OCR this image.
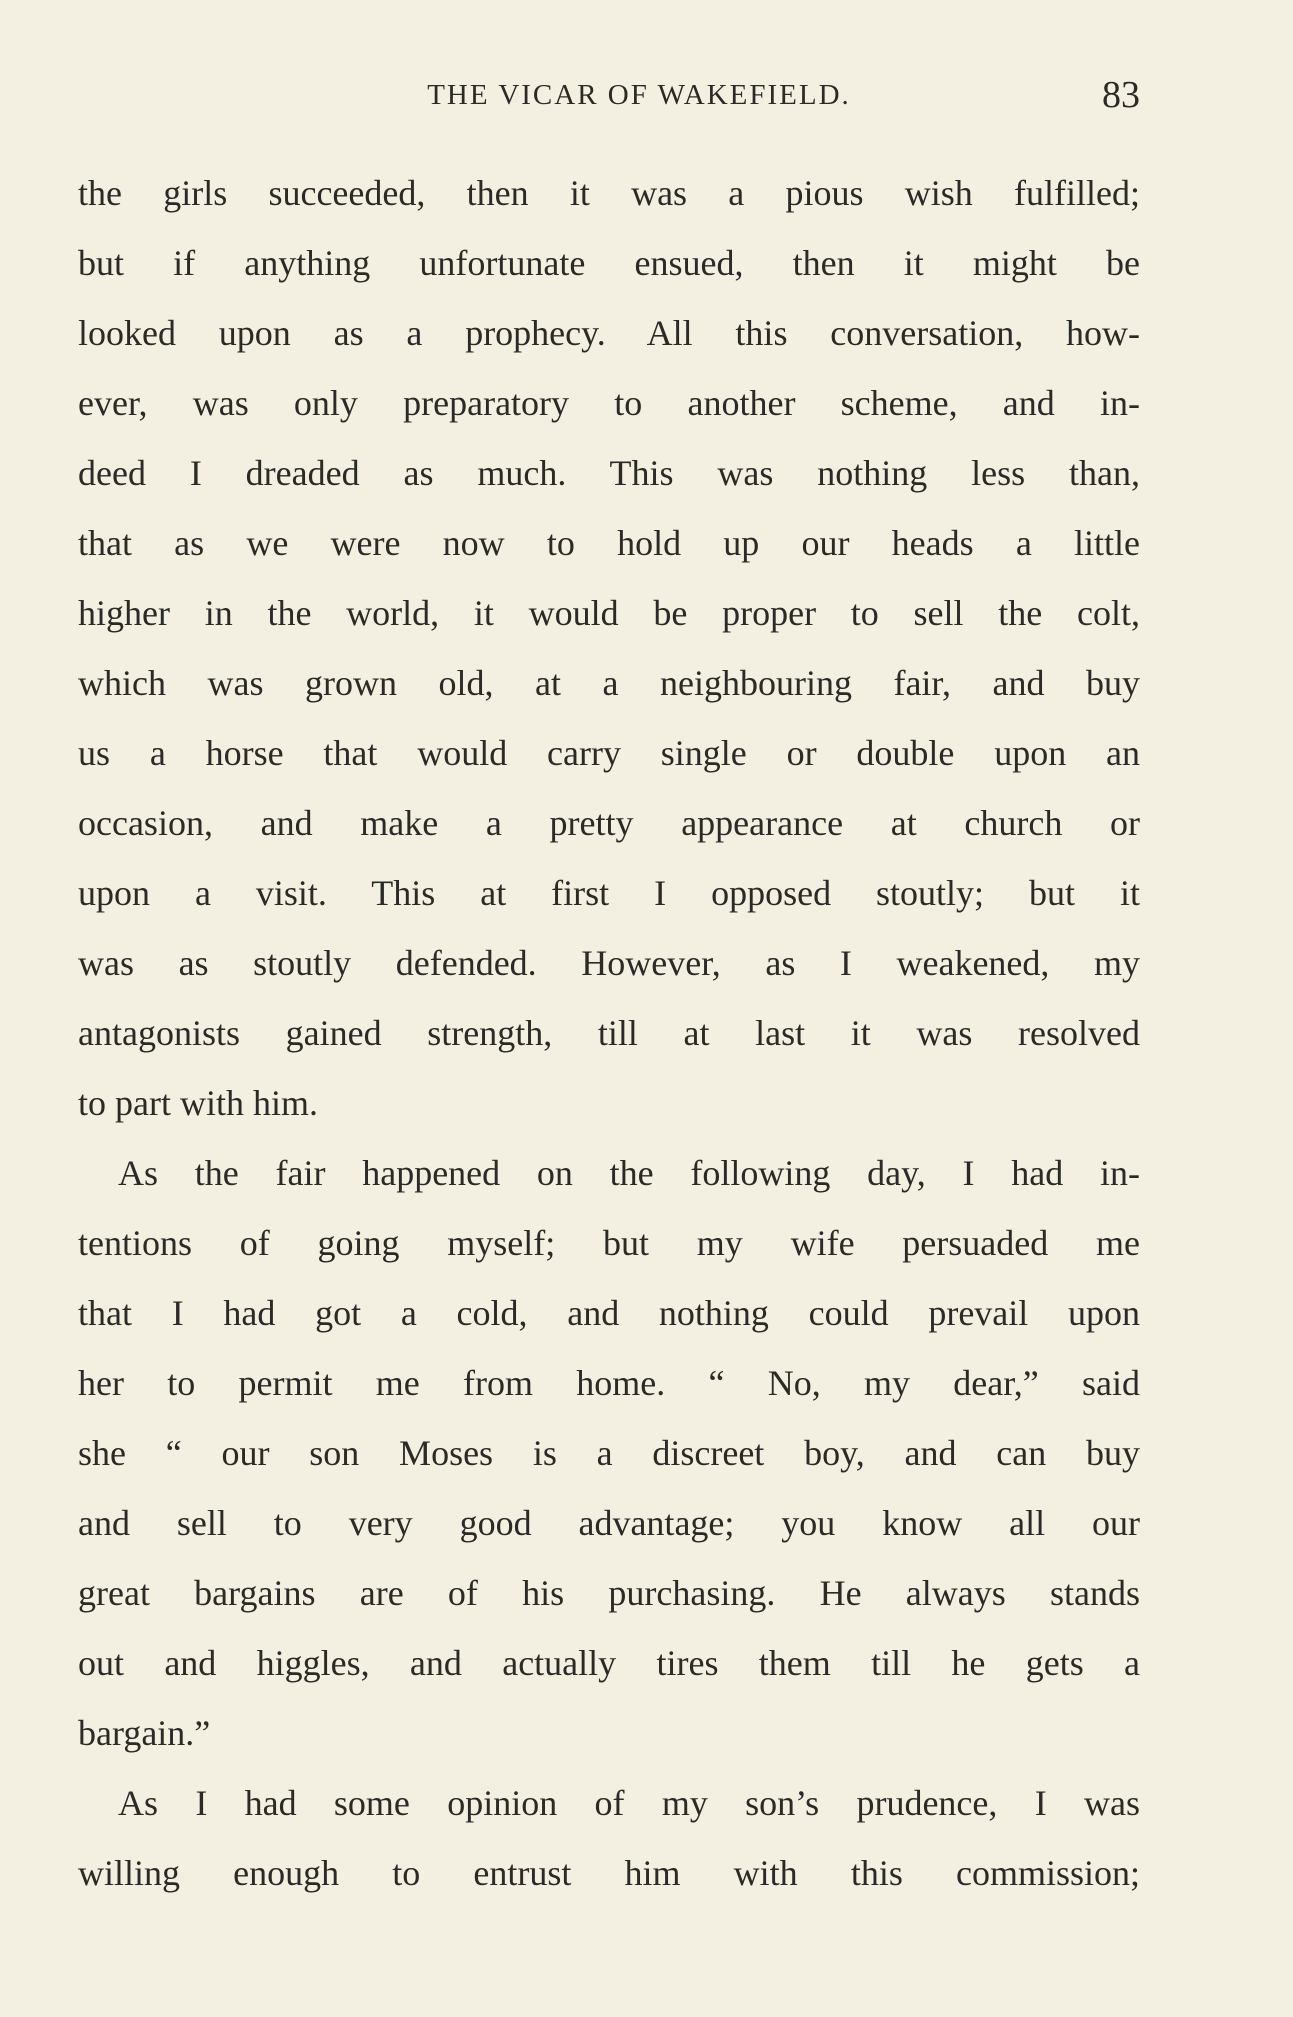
THE VICAR OF WAKEFIELD.	83
the girls succeeded, then it was a pious wish fulfilled;
but if anything unfortunate ensued, then it might be
looked upon as a prophecy. All this conversation, how-
ever, was only preparatory to another scheme, and in-
deed I dreaded as much. This was nothing less than,
that as we were now to hold up our heads a little
higher in the world, it would be proper to sell the colt,
which was grown old, at a neighbouring fair, and buy
us a horse that would carry single or double upon an
occasion, and make a pretty appearance at church or
upon a visit. This at first I opposed stoutly; but it
was as stoutly defended. However, as I weakened, my
antagonists gained strength, till at last it was resolved
to part with him.
As the fair happened on the following day, I had in-
tentions of going myself; but my wife persuaded me
that I had got a cold, and nothing could prevail upon
her to permit me from home. “ No, my dear,” said
she “ our son Moses is a discreet boy, and can buy
and sell to very good advantage; you know all our
great bargains are of his purchasing. He always stands
out and higgles, and actually tires them till he gets a
bargain.”
As I had some opinion of my son’s prudence, I was
willing enough to entrust him with this commission;
